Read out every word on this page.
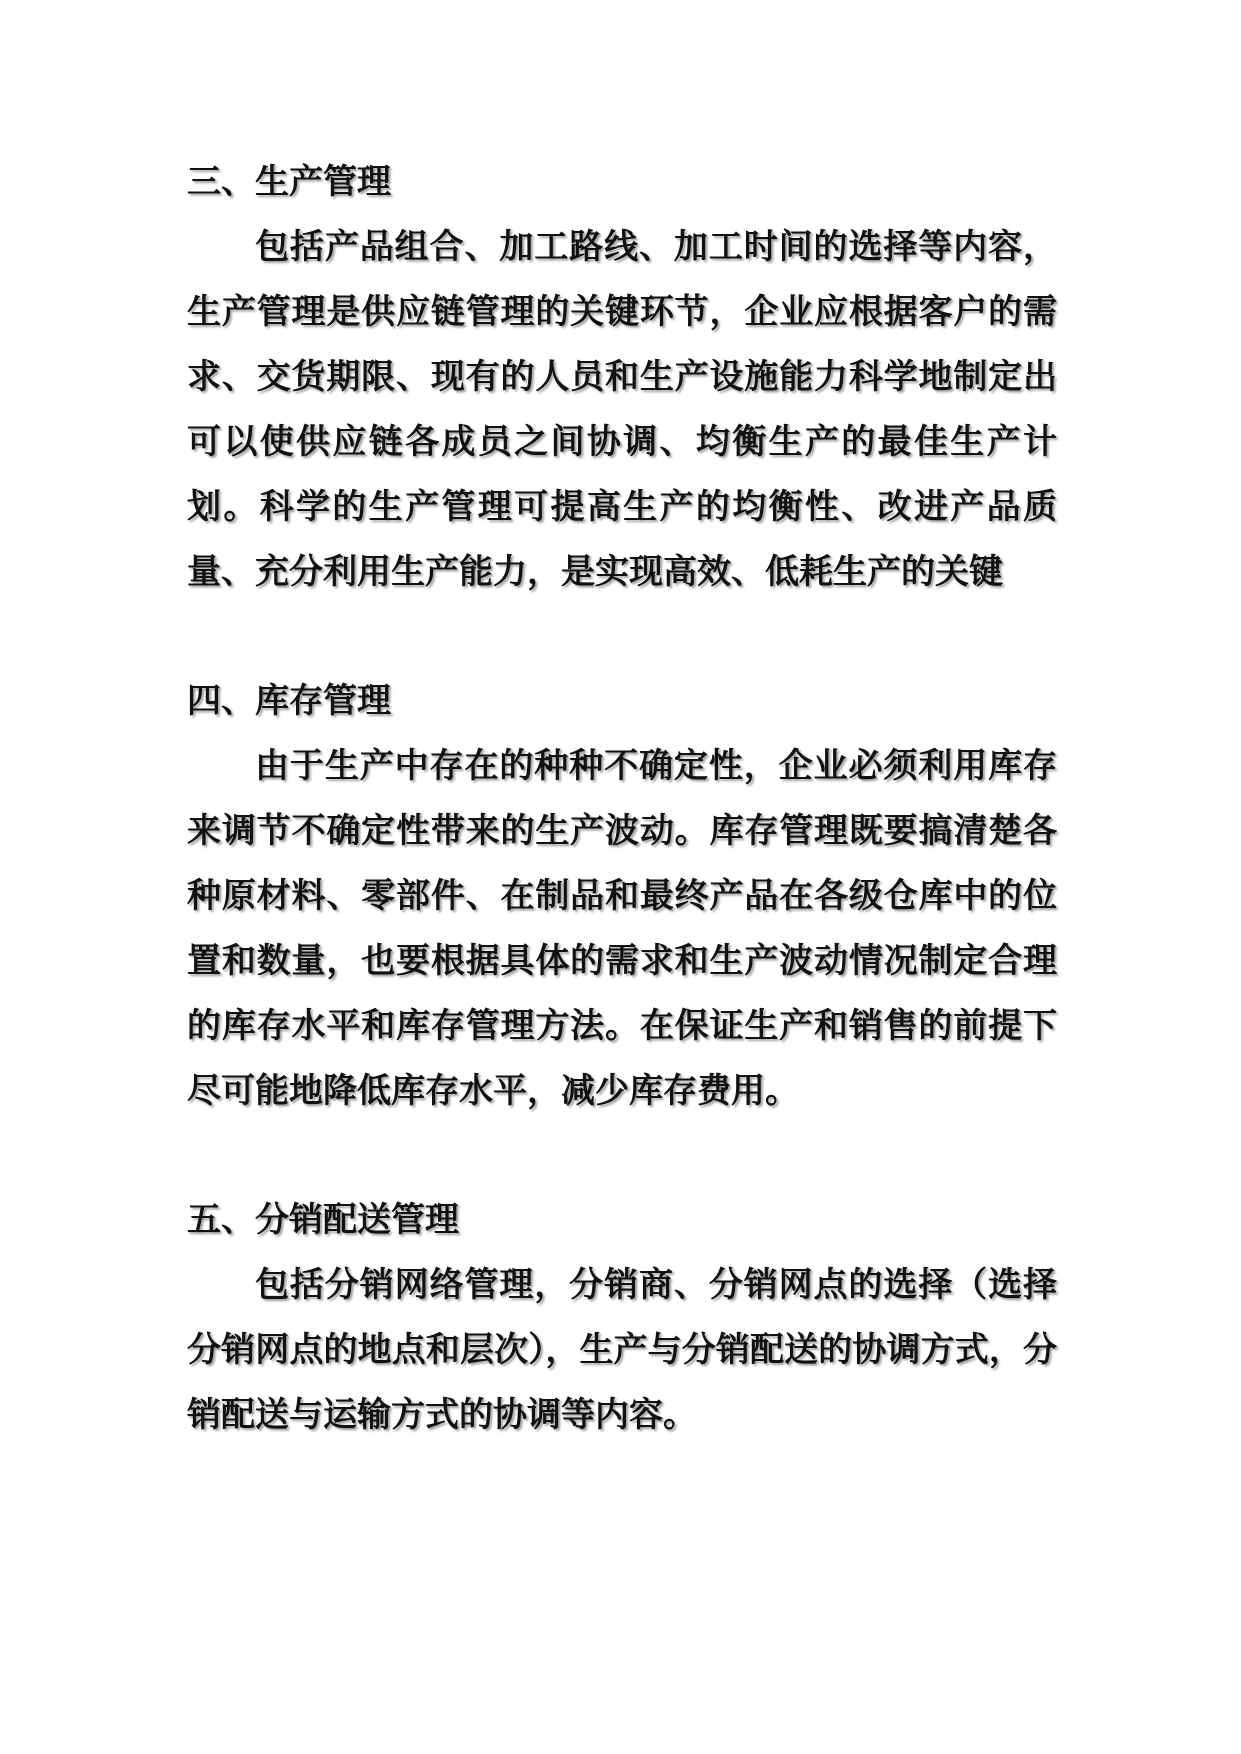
三、生产管理

包括产品组合、加工路线、加工时间的选择等内容，生产管理是供应链管理的关键环节，企业应根据客户的需求、交货期限、现有的人员和生产设施能力科学地制定出可以使供应链各成员之间协调、均衡生产的最佳生产计划。科学的生产管理可提高生产的均衡性、改进产品质量、充分利用生产能力，是实现高效、低耗生产的关键

四、库存管理

由于生产中存在的种种不确定性，企业必须利用库存来调节不确定性带来的生产波动。库存管理既要搞清楚各种原材料、零部件、在制品和最终产品在各级仓库中的位置和数量，也要根据具体的需求和生产波动情况制定合理的库存水平和库存管理方法。在保证生产和销售的前提下尽可能地降低库存水平，减少库存费用。

五、分销配送管理

包括分销网络管理，分销商、分销网点的选择（选择分销网点的地点和层次），生产与分销配送的协调方式，分销配送与运输方式的协调等内容。
